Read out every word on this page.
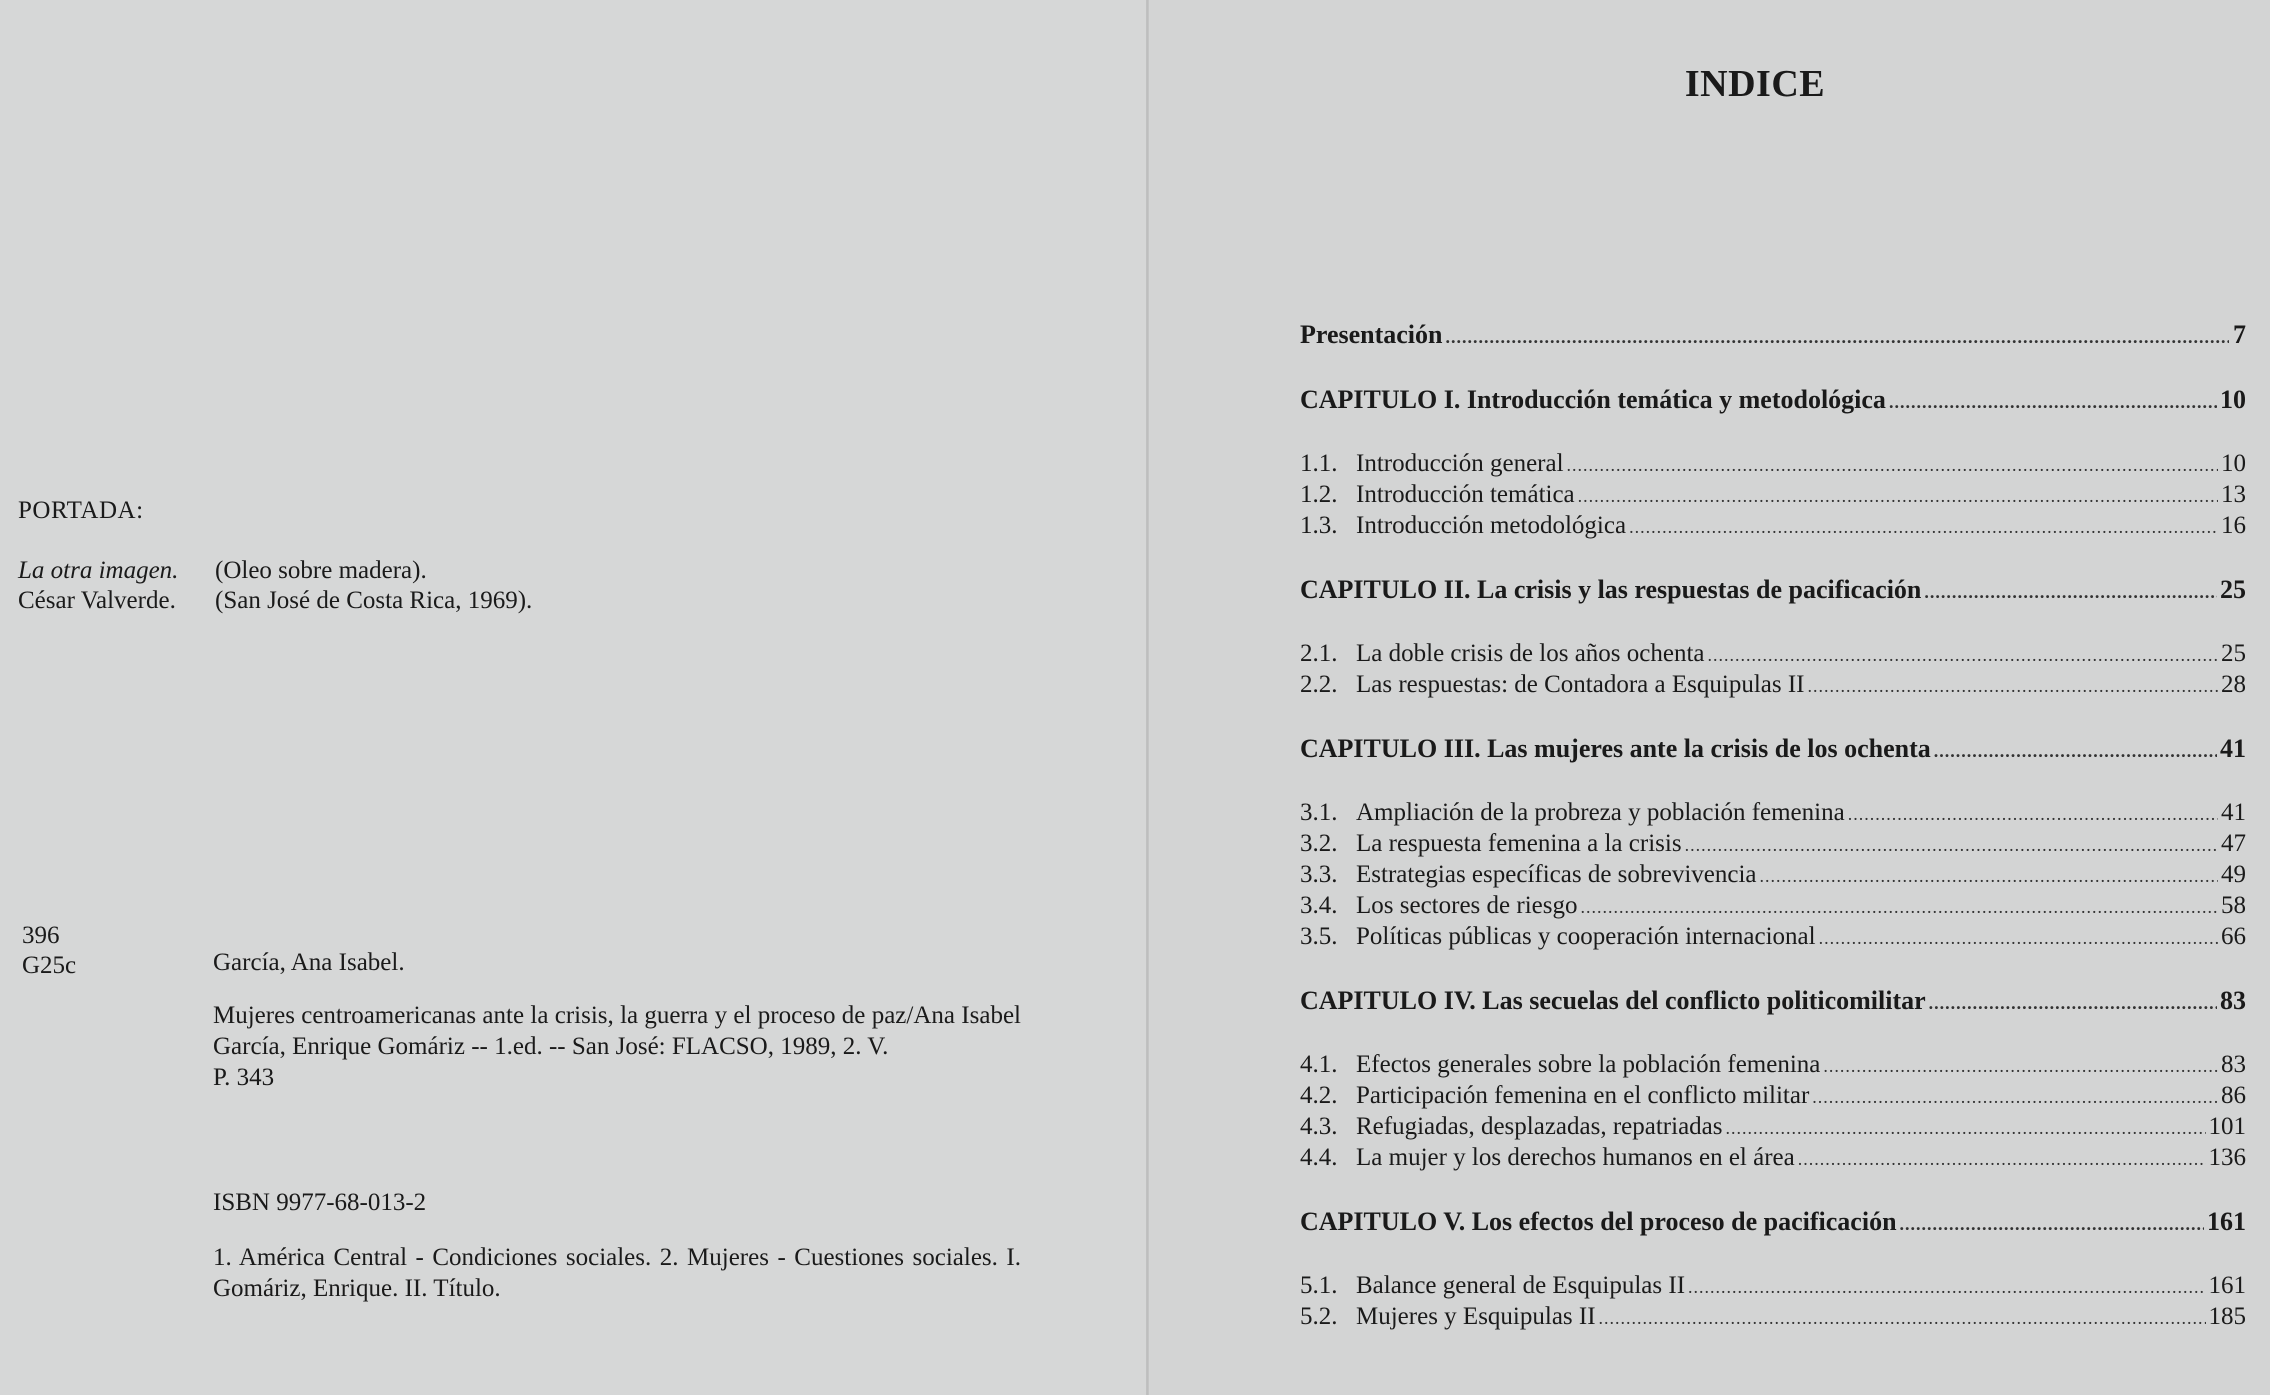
PORTADA:
La otra imagen. (Oleo sobre madera).
César Valverde. (San José de Costa Rica, 1969).
396
G25c	García, Ana Isabel.
Mujeres centroamericanas ante la crisis, la guerra y el proceso de paz/Ana Isabel García, Enrique Gomáriz -- 1.ed. -- San José: FLACSO, 1989, 2. V.
P. 343
ISBN 9977-68-013-2
1. América Central - Condiciones sociales. 2. Mujeres - Cuestiones sociales. I. Gomáriz, Enrique. II. Título.
INDICE
Presentación .....	7
CAPITULO I. Introducción temática y metodológica .....	10
1.1. Introducción general .....	10
1.2. Introducción temática .....	13
1.3. Introducción metodológica .....	16
CAPITULO II. La crisis y las respuestas de pacificación .....	25
2.1. La doble crisis de los años ochenta .....	25
2.2. Las respuestas: de Contadora a Esquipulas II .....	28
CAPITULO III. Las mujeres ante la crisis de los ochenta .....	41
3.1. Ampliación de la probreza y población femenina .....	41
3.2. La respuesta femenina a la crisis .....	47
3.3. Estrategias específicas de sobrevivencia .....	49
3.4. Los sectores de riesgo .....	58
3.5. Políticas públicas y cooperación internacional .....	66
CAPITULO IV. Las secuelas del conflicto politicomilitar .....	83
4.1. Efectos generales sobre la población femenina .....	83
4.2. Participación femenina en el conflicto militar .....	86
4.3. Refugiadas, desplazadas, repatriadas .....	101
4.4. La mujer y los derechos humanos en el área .....	136
CAPITULO V. Los efectos del proceso de pacificación .....	161
5.1. Balance general de Esquipulas II .....	161
5.2. Mujeres y Esquipulas II .....	185
